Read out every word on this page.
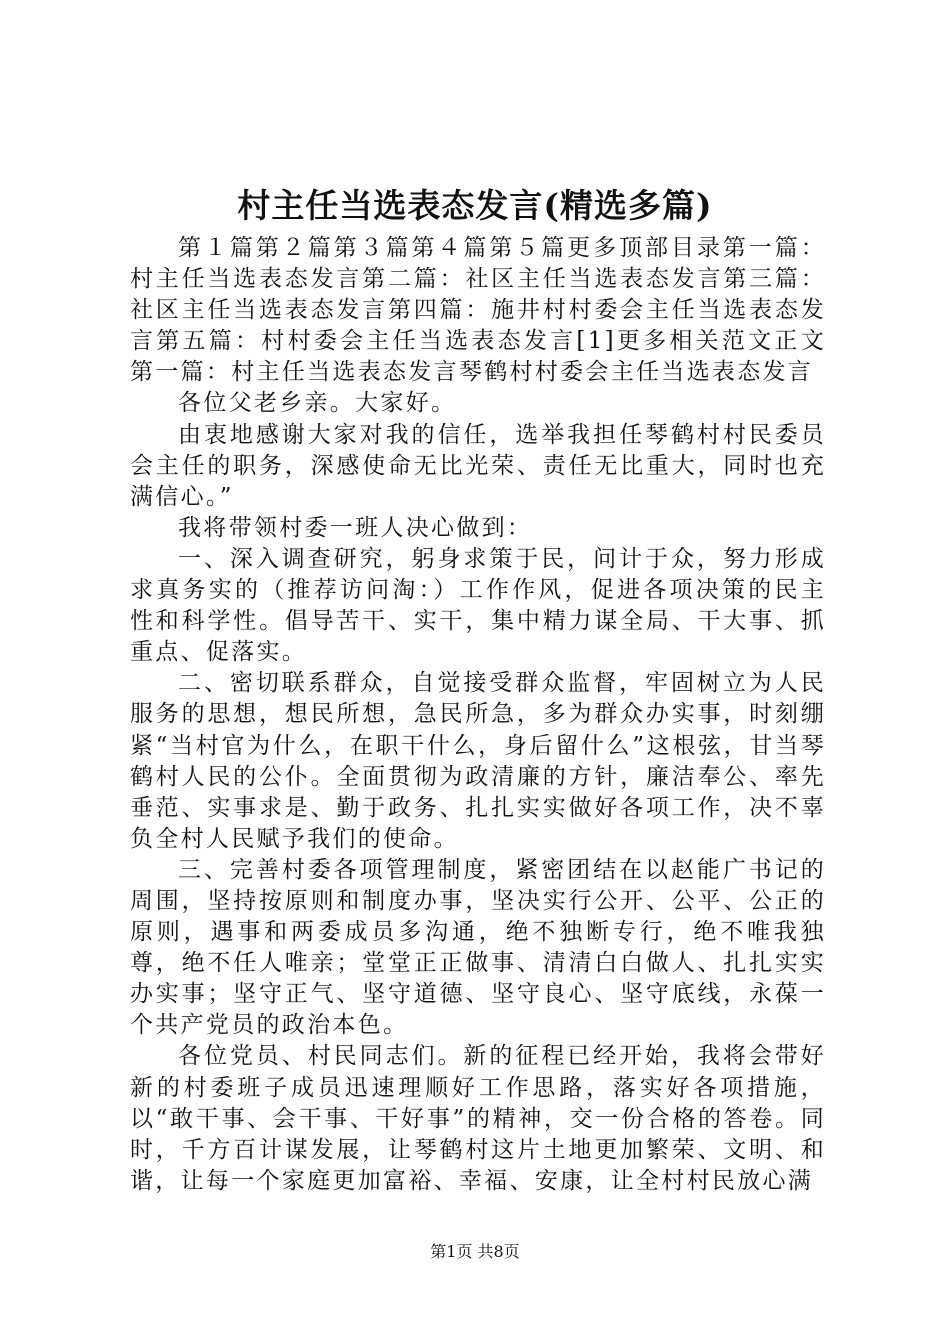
村主任当选表态发言(精选多篇)

第１篇第２篇第３篇第４篇第５篇更多顶部目录第一篇：村主任当选表态发言第二篇：社区主任当选表态发言第三篇：社区主任当选表态发言第四篇：施井村村委会主任当选表态发言第五篇：村村委会主任当选表态发言[1]更多相关范文正文第一篇：村主任当选表态发言琴鹤村村委会主任当选表态发言

各位父老乡亲。大家好。

由衷地感谢大家对我的信任，选举我担任琴鹤村村民委员会主任的职务，深感使命无比光荣、责任无比重大，同时也充满信心。”

我将带领村委一班人决心做到：

一、深入调查研究，躬身求策于民，问计于众，努力形成求真务实的（推荐访问淘：）工作作风，促进各项决策的民主性和科学性。倡导苦干、实干，集中精力谋全局、干大事、抓重点、促落实。

二、密切联系群众，自觉接受群众监督，牢固树立为人民服务的思想，想民所想，急民所急，多为群众办实事，时刻绷紧“当村官为什么，在职干什么，身后留什么”这根弦，甘当琴鹤村人民的公仆。全面贯彻为政清廉的方针，廉洁奉公、率先垂范、实事求是、勤于政务、扎扎实实做好各项工作，决不辜负全村人民赋予我们的使命。

三、完善村委各项管理制度，紧密团结在以赵能广书记的周围，坚持按原则和制度办事，坚决实行公开、公平、公正的原则，遇事和两委成员多沟通，绝不独断专行，绝不唯我独尊，绝不任人唯亲；堂堂正正做事、清清白白做人、扎扎实实办实事；坚守正气、坚守道德、坚守良心、坚守底线，永葆一个共产党员的政治本色。

各位党员、村民同志们。新的征程已经开始，我将会带好新的村委班子成员迅速理顺好工作思路，落实好各项措施，以“敢干事、会干事、干好事”的精神，交一份合格的答卷。同时，千方百计谋发展，让琴鹤村这片土地更加繁荣、文明、和谐，让每一个家庭更加富裕、幸福、安康，让全村村民放心满

第1页 共8页
